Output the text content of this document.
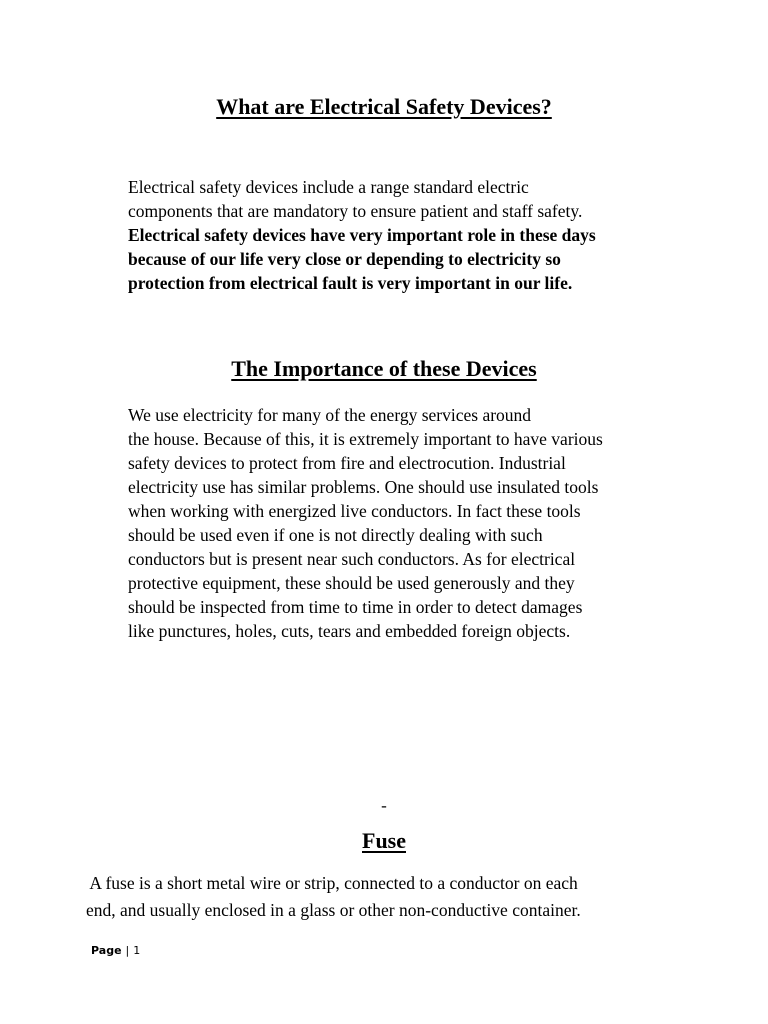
What are Electrical Safety Devices?
Electrical safety devices include a range standard electric
components that are mandatory to ensure patient and staff safety.
Electrical safety devices have very important role in these days
because of our life very close or depending to electricity so
protection from electrical fault is very important in our life.
The Importance of these Devices
We use electricity for many of the energy services around
the house. Because of this, it is extremely important to have various
safety devices to protect from fire and electrocution. Industrial
electricity use has similar problems. One should use insulated tools
when working with energized live conductors. In fact these tools
should be used even if one is not directly dealing with such
conductors but is present near such conductors. As for electrical
protective equipment, these should be used generously and they
should be inspected from time to time in order to detect damages
like punctures, holes, cuts, tears and embedded foreign objects.
-
Fuse
A fuse is a short metal wire or strip, connected to a conductor on each
end, and usually enclosed in a glass or other non-conductive container.
Page | 1
